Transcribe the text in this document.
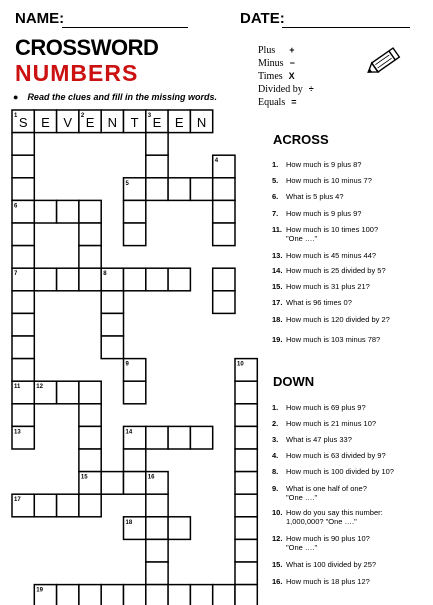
NAME:	DATE:
CROSSWORD
NUMBERS
● Read the clues and fill in the missing words.
Plus +
Minus −
Times X
Divided by ÷
Equals =
1 S E V 2 E N T 3 E E N
4
5
6
7	8
9	10
11	12
13	14
15	16
17
18
19
ACROSS
1. How much is 9 plus 8?
5. How much is 10 minus 7?
6. What is 5 plus 4?
7. How much is 9 plus 9?
11. How much is 10 times 100?
"One …."
13. How much is 45 minus 44?
14. How much is 25 divided by 5?
15. How much is 31 plus 21?
17. What is 96 times 0?
18. How much is 120 divided by 2?
19. How much is 103 minus 78?
DOWN
1. How much is 69 plus 9?
2. How much is 21 minus 10?
3. What is 47 plus 33?
4. How much is 63 divided by 9?
8. How much is 100 divided by 10?
9. What is one half of one?
"One …."
10. How do you say this number:
1,000,000? "One …."
12. How much is 90 plus 10?
"One …."
15. What is 100 divided by 25?
16. How much is 18 plus 12?
